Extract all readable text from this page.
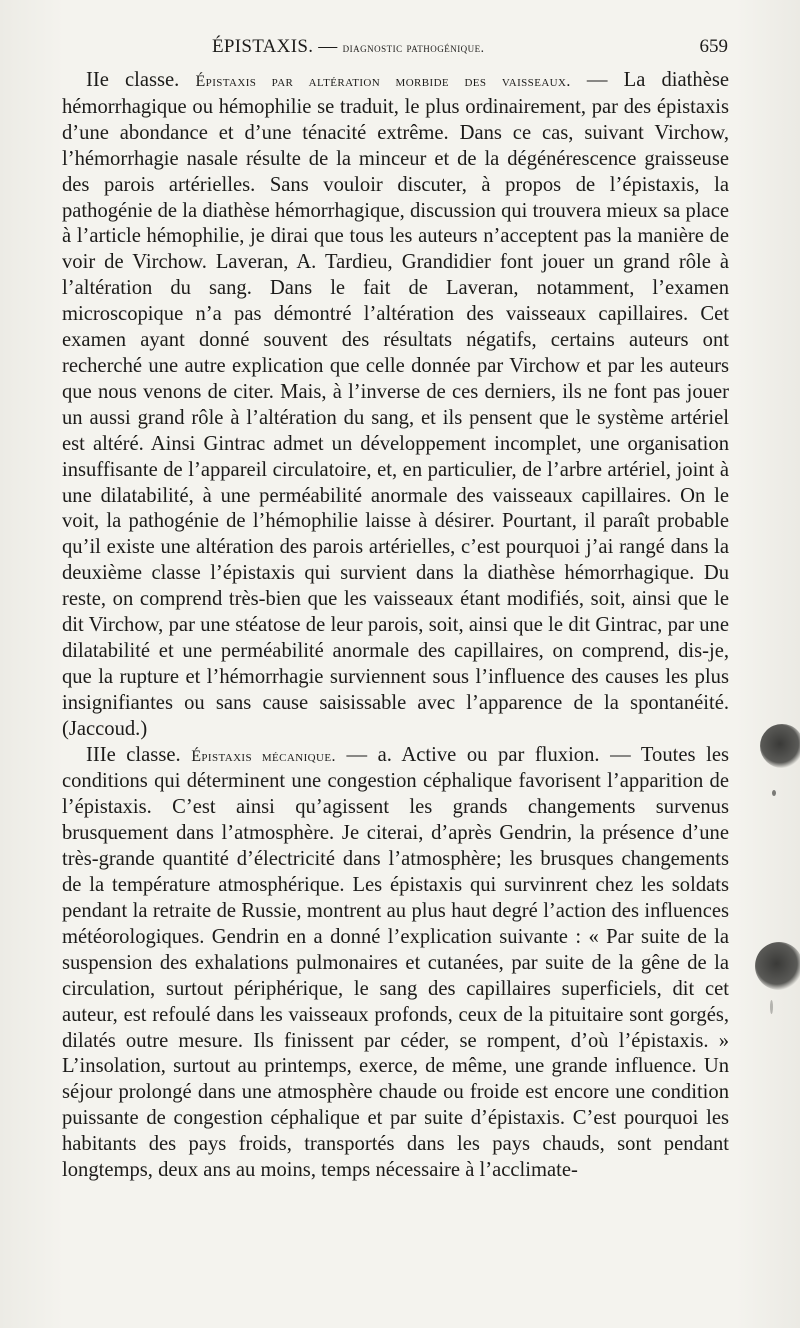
ÉPISTAXIS. — diagnostic pathogénique.	659

IIe classe. Épistaxis par altération morbide des vaisseaux. — La diathèse hémorrhagique ou hémophilie se traduit, le plus ordinairement, par des épistaxis d’une abondance et d’une ténacité extrême. Dans ce cas, suivant Virchow, l’hémorrhagie nasale résulte de la minceur et de la dégénérescence graisseuse des parois artérielles. Sans vouloir discuter, à propos de l’épistaxis, la pathogénie de la diathèse hémorrhagique, discussion qui trouvera mieux sa place à l’article hémophilie, je dirai que tous les auteurs n’acceptent pas la manière de voir de Virchow. Laveran, A. Tardieu, Grandidier font jouer un grand rôle à l’altération du sang. Dans le fait de Laveran, notamment, l’examen microscopique n’a pas démontré l’altération des vaisseaux capillaires. Cet examen ayant donné souvent des résultats négatifs, certains auteurs ont recherché une autre explication que celle donnée par Virchow et par les auteurs que nous venons de citer. Mais, à l’inverse de ces derniers, ils ne font pas jouer un aussi grand rôle à l’altération du sang, et ils pensent que le système artériel est altéré. Ainsi Gintrac admet un développement incomplet, une organisation insuffisante de l’appareil circulatoire, et, en particulier, de l’arbre artériel, joint à une dilatabilité, à une perméabilité anormale des vaisseaux capillaires. On le voit, la pathogénie de l’hémophilie laisse à désirer. Pourtant, il paraît probable qu’il existe une altération des parois artérielles, c’est pourquoi j’ai rangé dans la deuxième classe l’épistaxis qui survient dans la diathèse hémorrhagique. Du reste, on comprend très-bien que les vaisseaux étant modifiés, soit, ainsi que le dit Virchow, par une stéatose de leur parois, soit, ainsi que le dit Gintrac, par une dilatabilité et une perméabilité anormale des capillaires, on comprend, dis-je, que la rupture et l’hémorrhagie surviennent sous l’influence des causes les plus insignifiantes ou sans cause saisissable avec l’apparence de la spontanéité. (Jaccoud.)

IIIe classe. Épistaxis mécanique. — a. Active ou par fluxion. — Toutes les conditions qui déterminent une congestion céphalique favorisent l’apparition de l’épistaxis. C’est ainsi qu’agissent les grands changements survenus brusquement dans l’atmosphère. Je citerai, d’après Gendrin, la présence d’une très-grande quantité d’électricité dans l’atmosphère; les brusques changements de la température atmosphérique. Les épistaxis qui survinrent chez les soldats pendant la retraite de Russie, montrent au plus haut degré l’action des influences météorologiques. Gendrin en a donné l’explication suivante : « Par suite de la suspension des exhalations pulmonaires et cutanées, par suite de la gêne de la circulation, surtout périphérique, le sang des capillaires superficiels, dit cet auteur, est refoulé dans les vaisseaux profonds, ceux de la pituitaire sont gorgés, dilatés outre mesure. Ils finissent par céder, se rompent, d’où l’épistaxis. » L’insolation, surtout au printemps, exerce, de même, une grande influence. Un séjour prolongé dans une atmosphère chaude ou froide est encore une condition puissante de congestion céphalique et par suite d’épistaxis. C’est pourquoi les habitants des pays froids, transportés dans les pays chauds, sont pendant longtemps, deux ans au moins, temps nécessaire à l’acclimate-
